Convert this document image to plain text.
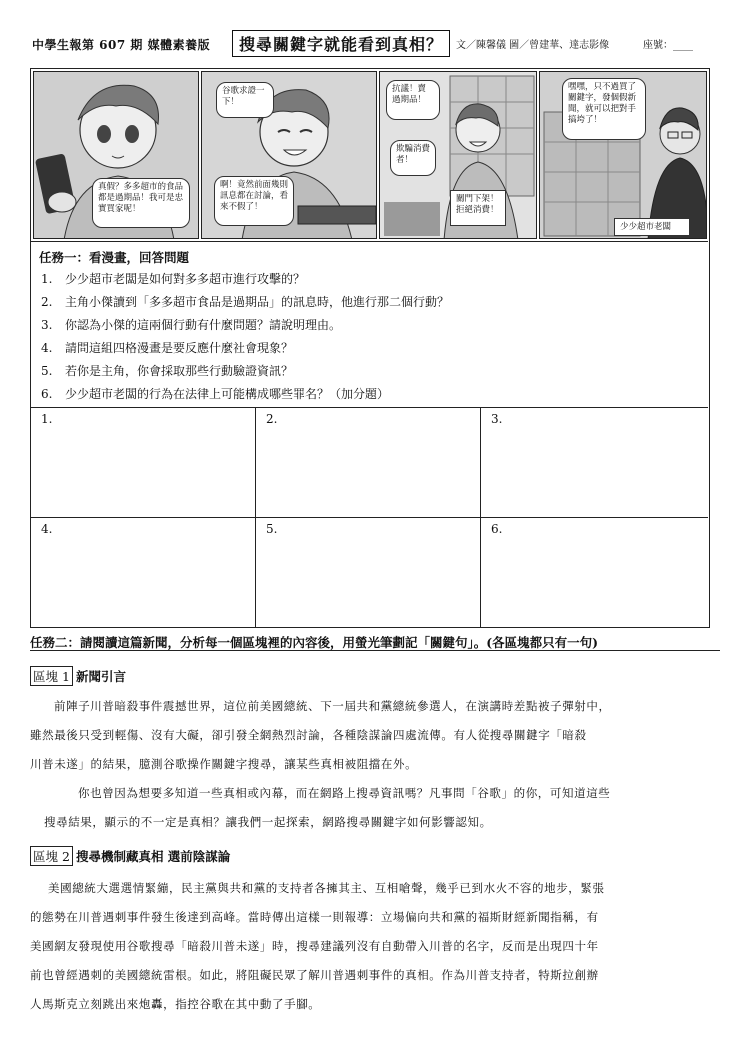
中學生報第 607 期 媒體素養版	搜尋關鍵字就能看到真相？	文／陳馨儀 圖／曾建華、達志影像	座號：____
真假？多多超市的食品都是過期品！我可是忠實買家呢！
谷歌求證一下！
啊！竟然前面幾則訊息都在討論，看來不假了！
抗議！賣過期品！
欺騙消費者！
關門下架！拒絕消費！
嘿嘿，只不過買了關鍵字，發個假新聞，就可以把對手搞垮了！
少少超市老闆
任務一：看漫畫，回答問題
1. 少少超市老闆是如何對多多超市進行攻擊的？
2. 主角小傑讀到「多多超市食品是過期品」的訊息時，他進行那二個行動？
3. 你認為小傑的這兩個行動有什麼問題？請說明理由。
4. 請問這組四格漫畫是要反應什麼社會現象？
5. 若你是主角，你會採取那些行動驗證資訊？
6. 少少超市老闆的行為在法律上可能構成哪些罪名？（加分題）
1.	2.	3.
4.	5.	6.
任務二：請閱讀這篇新聞，分析每一個區塊裡的內容後，用螢光筆劃記「關鍵句」。(各區塊都只有一句)
區塊 1 新聞引言
前陣子川普暗殺事件震撼世界，這位前美國總統、下一屆共和黨總統參選人，在演講時差點被子彈射中，
雖然最後只受到輕傷、沒有大礙，卻引發全網熱烈討論，各種陰謀論四處流傳。有人從搜尋關鍵字「暗殺
川普未遂」的結果，臆測谷歌操作關鍵字搜尋，讓某些真相被阻擋在外。
你也曾因為想要多知道一些真相或內幕，而在網路上搜尋資訊嗎？凡事問「谷歌」的你，可知道這些
搜尋結果，顯示的不一定是真相？讓我們一起探索，網路搜尋關鍵字如何影響認知。
區塊 2 搜尋機制藏真相 選前陰謀論
美國總統大選選情緊繃，民主黨與共和黨的支持者各擁其主、互相嗆聲，幾乎已到水火不容的地步，緊張
的態勢在川普遇刺事件發生後達到高峰。當時傳出這樣一則報導：立場偏向共和黨的福斯財經新聞指稱，有
美國網友發現使用谷歌搜尋「暗殺川普未遂」時，搜尋建議列沒有自動帶入川普的名字，反而是出現四十年
前也曾經遇刺的美國總統雷根。如此，將阻礙民眾了解川普遇刺事件的真相。作為川普支持者，特斯拉創辦
人馬斯克立刻跳出來炮轟，指控谷歌在其中動了手腳。
